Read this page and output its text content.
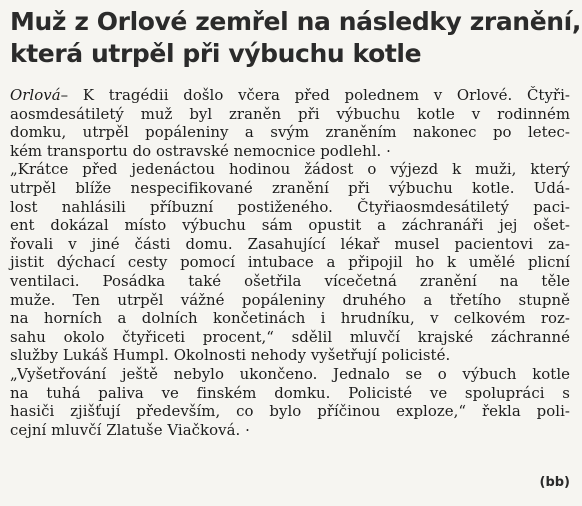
Muž z Orlové zemřel na následky zranění,
která utrpěl při výbuchu kotle
Orlová– K tragédii došlo včera před polednem v Orlové. Čtyři-
aosmdesátiletý muž byl zraněn při výbuchu kotle v rodinném
domku, utrpěl popáleniny a svým zraněním nakonec po letec-
kém transportu do ostravské nemocnice podlehl. ·
„Krátce před jedenáctou hodinou žádost o výjezd k muži, který
utrpěl blíže nespecifikované zranění při výbuchu kotle. Udá-
lost nahlásili příbuzní postiženého. Čtyřiaosmdesátiletý paci-
ent dokázal místo výbuchu sám opustit a záchranáři jej ošet-
řovali v jiné části domu. Zasahující lékař musel pacientovi za-
jistit dýchací cesty pomocí intubace a připojil ho k umělé plicní
ventilaci. Posádka také ošetřila vícečetná zranění na těle
muže. Ten utrpěl vážné popáleniny druhého a třetího stupně
na horních a dolních končetinách i hrudníku, v celkovém roz-
sahu okolo čtyřiceti procent,“ sdělil mluvčí krajské záchranné
služby Lukáš Humpl. Okolnosti nehody vyšetřují policisté.
„Vyšetřování ještě nebylo ukončeno. Jednalo se o výbuch kotle
na tuhá paliva ve finském domku. Policisté ve spolupráci s
hasiči zjišťují především, co bylo příčinou exploze,“ řekla poli-
cejní mluvčí Zlatuše Viačková. ·
(bb)
